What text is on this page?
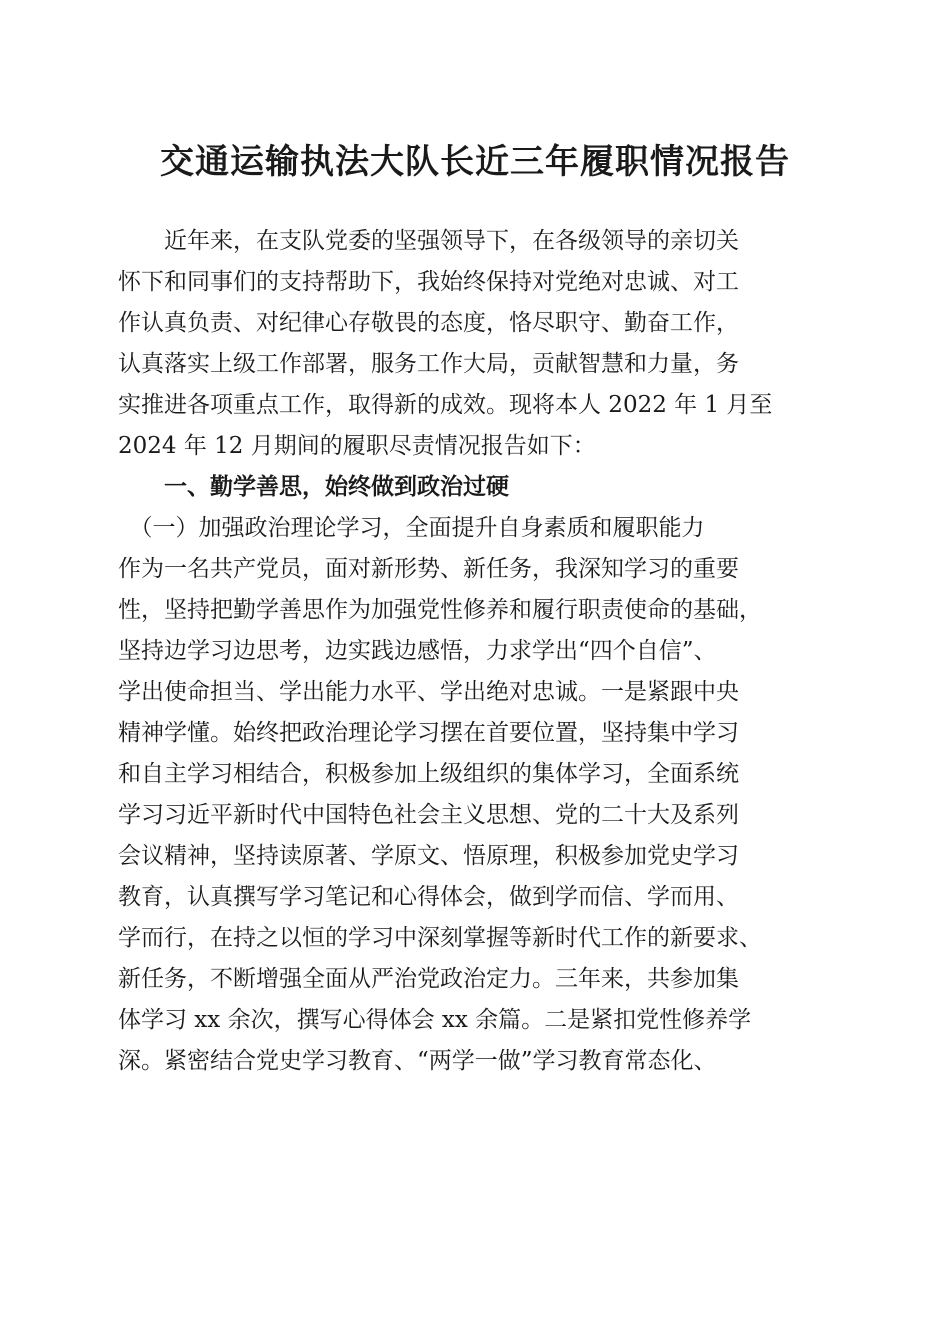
交通运输执法大队长近三年履职情况报告
　　近年来，在支队党委的坚强领导下，在各级领导的亲切关
怀下和同事们的支持帮助下，我始终保持对党绝对忠诚、对工
作认真负责、对纪律心存敬畏的态度，恪尽职守、勤奋工作，
认真落实上级工作部署，服务工作大局，贡献智慧和力量，务
实推进各项重点工作，取得新的成效。现将本人 2022 年 1 月至
2024 年 12 月期间的履职尽责情况报告如下：
　　一、勤学善思，始终做到政治过硬
　（一）加强政治理论学习，全面提升自身素质和履职能力
作为一名共产党员，面对新形势、新任务，我深知学习的重要
性，坚持把勤学善思作为加强党性修养和履行职责使命的基础，
坚持边学习边思考，边实践边感悟，力求学出“四个自信”、
学出使命担当、学出能力水平、学出绝对忠诚。一是紧跟中央
精神学懂。始终把政治理论学习摆在首要位置，坚持集中学习
和自主学习相结合，积极参加上级组织的集体学习，全面系统
学习习近平新时代中国特色社会主义思想、党的二十大及系列
会议精神，坚持读原著、学原文、悟原理，积极参加党史学习
教育，认真撰写学习笔记和心得体会，做到学而信、学而用、
学而行，在持之以恒的学习中深刻掌握等新时代工作的新要求、
新任务，不断增强全面从严治党政治定力。三年来，共参加集
体学习 xx 余次，撰写心得体会 xx 余篇。二是紧扣党性修养学
深。紧密结合党史学习教育、“两学一做”学习教育常态化、
